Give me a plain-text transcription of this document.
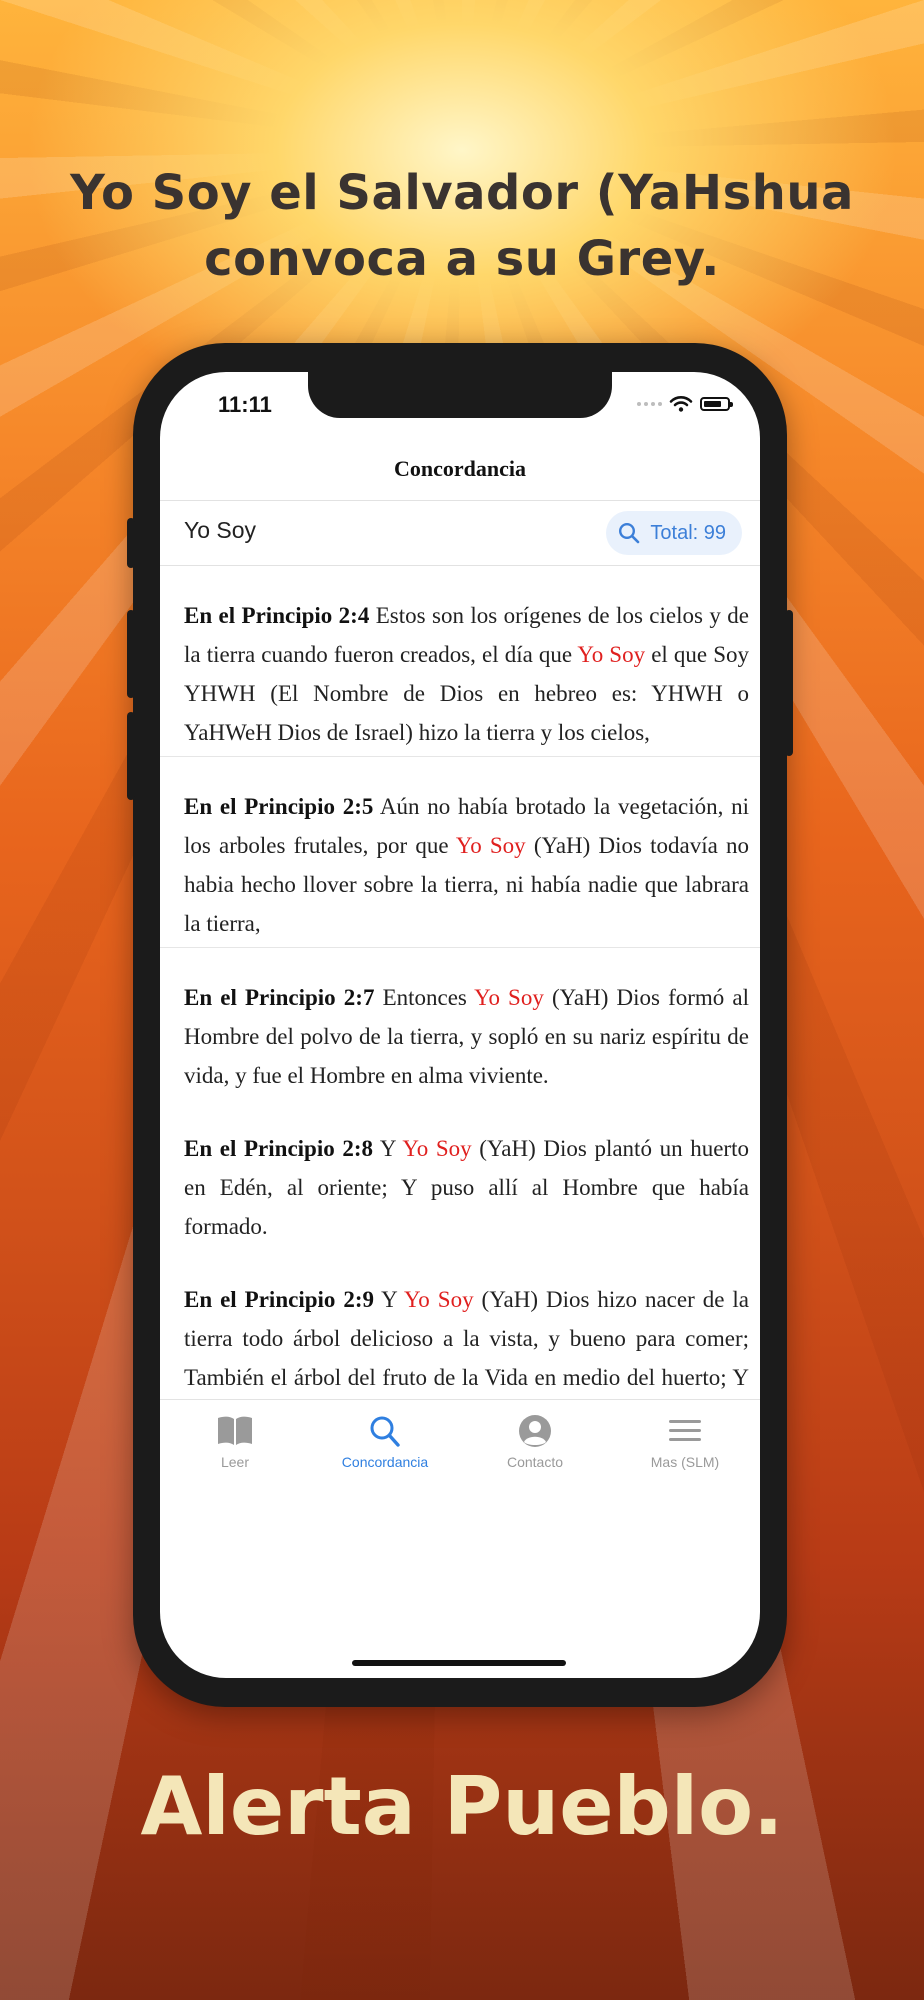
Yo Soy el Salvador (YaHshua
convoca a su Grey.
11:11
Concordancia
Yo Soy
Total: 99
En el Principio 2:4 Estos son los orígenes de los cielos y de la tierra cuando fueron creados, el día que Yo Soy el que Soy YHWH (El Nombre de Dios en hebreo es: YHWH o YaHWeH Dios de Israel) hizo la tierra y los cielos,
En el Principio 2:5 Aún no había brotado la vegetación, ni los arboles frutales, por que Yo Soy (YaH) Dios todavía no habia hecho llover sobre la tierra, ni había nadie que labrara la tierra,
En el Principio 2:7 Entonces Yo Soy (YaH) Dios formó al Hombre del polvo de la tierra, y sopló en su nariz espíritu de vida, y fue el Hombre en alma viviente.
En el Principio 2:8 Y Yo Soy (YaH) Dios plantó un huerto en Edén, al oriente; Y puso allí al Hombre que había formado.
En el Principio 2:9 Y Yo Soy (YaH) Dios hizo nacer de la tierra todo árbol delicioso a la vista, y bueno para comer; También el árbol del fruto de la Vida en medio del huerto; Y
Leer	Concordancia	Contacto	Mas (SLM)
Alerta Pueblo.
